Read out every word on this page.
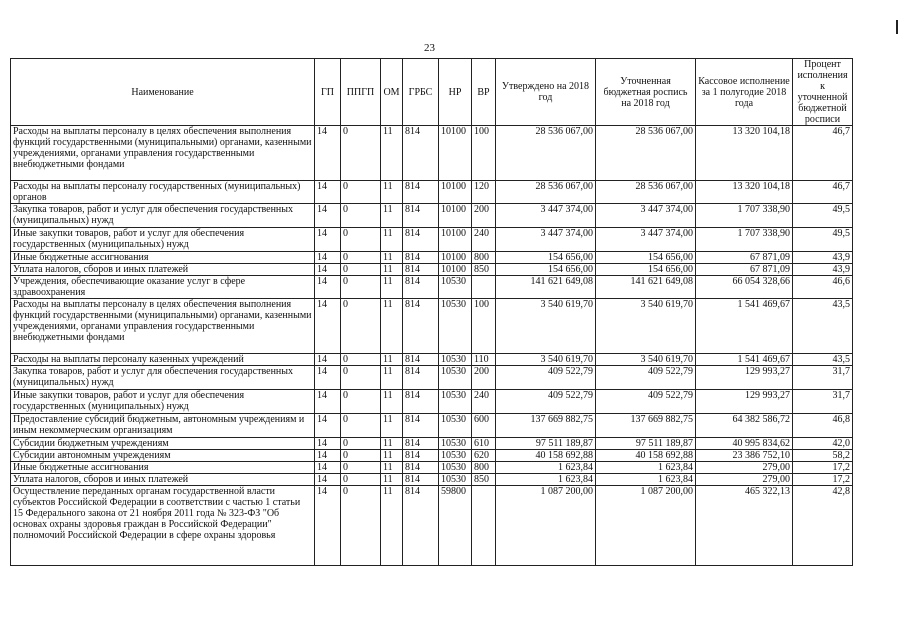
23
Наименование	ГП	ППГП	ОМ	ГРБС	НР	ВР	Утверждено на 2018 год	Уточненная бюджетная роспись на 2018 год	Кассовое исполнение за 1 полугодие 2018 года	Процент исполнения к уточненной бюджетной росписи
Расходы на выплаты персоналу в целях обеспечения выполнения функций государственными (муниципальными) органами, казенными учреждениями, органами управления государственными внебюджетными фондами	14	0	11	814	10100	100	28 536 067,00	28 536 067,00	13 320 104,18	46,7
Расходы на выплаты персоналу государственных (муниципальных) органов	14	0	11	814	10100	120	28 536 067,00	28 536 067,00	13 320 104,18	46,7
Закупка товаров, работ и услуг для обеспечения государственных (муниципальных) нужд	14	0	11	814	10100	200	3 447 374,00	3 447 374,00	1 707 338,90	49,5
Иные закупки товаров, работ и услуг для обеспечения государственных (муниципальных) нужд	14	0	11	814	10100	240	3 447 374,00	3 447 374,00	1 707 338,90	49,5
Иные бюджетные ассигнования	14	0	11	814	10100	800	154 656,00	154 656,00	67 871,09	43,9
Уплата налогов, сборов и иных платежей	14	0	11	814	10100	850	154 656,00	154 656,00	67 871,09	43,9
Учреждения, обеспечивающие оказание услуг в сфере здравоохранения	14	0	11	814	10530		141 621 649,08	141 621 649,08	66 054 328,66	46,6
Расходы на выплаты персоналу в целях обеспечения выполнения функций государственными (муниципальными) органами, казенными учреждениями, органами управления государственными внебюджетными фондами	14	0	11	814	10530	100	3 540 619,70	3 540 619,70	1 541 469,67	43,5
Расходы на выплаты персоналу казенных учреждений	14	0	11	814	10530	110	3 540 619,70	3 540 619,70	1 541 469,67	43,5
Закупка товаров, работ и услуг для обеспечения государственных (муниципальных) нужд	14	0	11	814	10530	200	409 522,79	409 522,79	129 993,27	31,7
Иные закупки товаров, работ и услуг для обеспечения государственных (муниципальных) нужд	14	0	11	814	10530	240	409 522,79	409 522,79	129 993,27	31,7
Предоставление субсидий бюджетным, автономным учреждениям и иным некоммерческим организациям	14	0	11	814	10530	600	137 669 882,75	137 669 882,75	64 382 586,72	46,8
Субсидии бюджетным учреждениям	14	0	11	814	10530	610	97 511 189,87	97 511 189,87	40 995 834,62	42,0
Субсидии автономным учреждениям	14	0	11	814	10530	620	40 158 692,88	40 158 692,88	23 386 752,10	58,2
Иные бюджетные ассигнования	14	0	11	814	10530	800	1 623,84	1 623,84	279,00	17,2
Уплата налогов, сборов и иных платежей	14	0	11	814	10530	850	1 623,84	1 623,84	279,00	17,2
Осуществление переданных органам государственной власти субъектов Российской Федерации в соответствии с частью 1 статьи 15 Федерального закона от 21 ноября 2011 года № 323-ФЗ "Об основах охраны здоровья граждан в Российской Федерации" полномочий Российской Федерации в сфере охраны здоровья	14	0	11	814	59800		1 087 200,00	1 087 200,00	465 322,13	42,8
